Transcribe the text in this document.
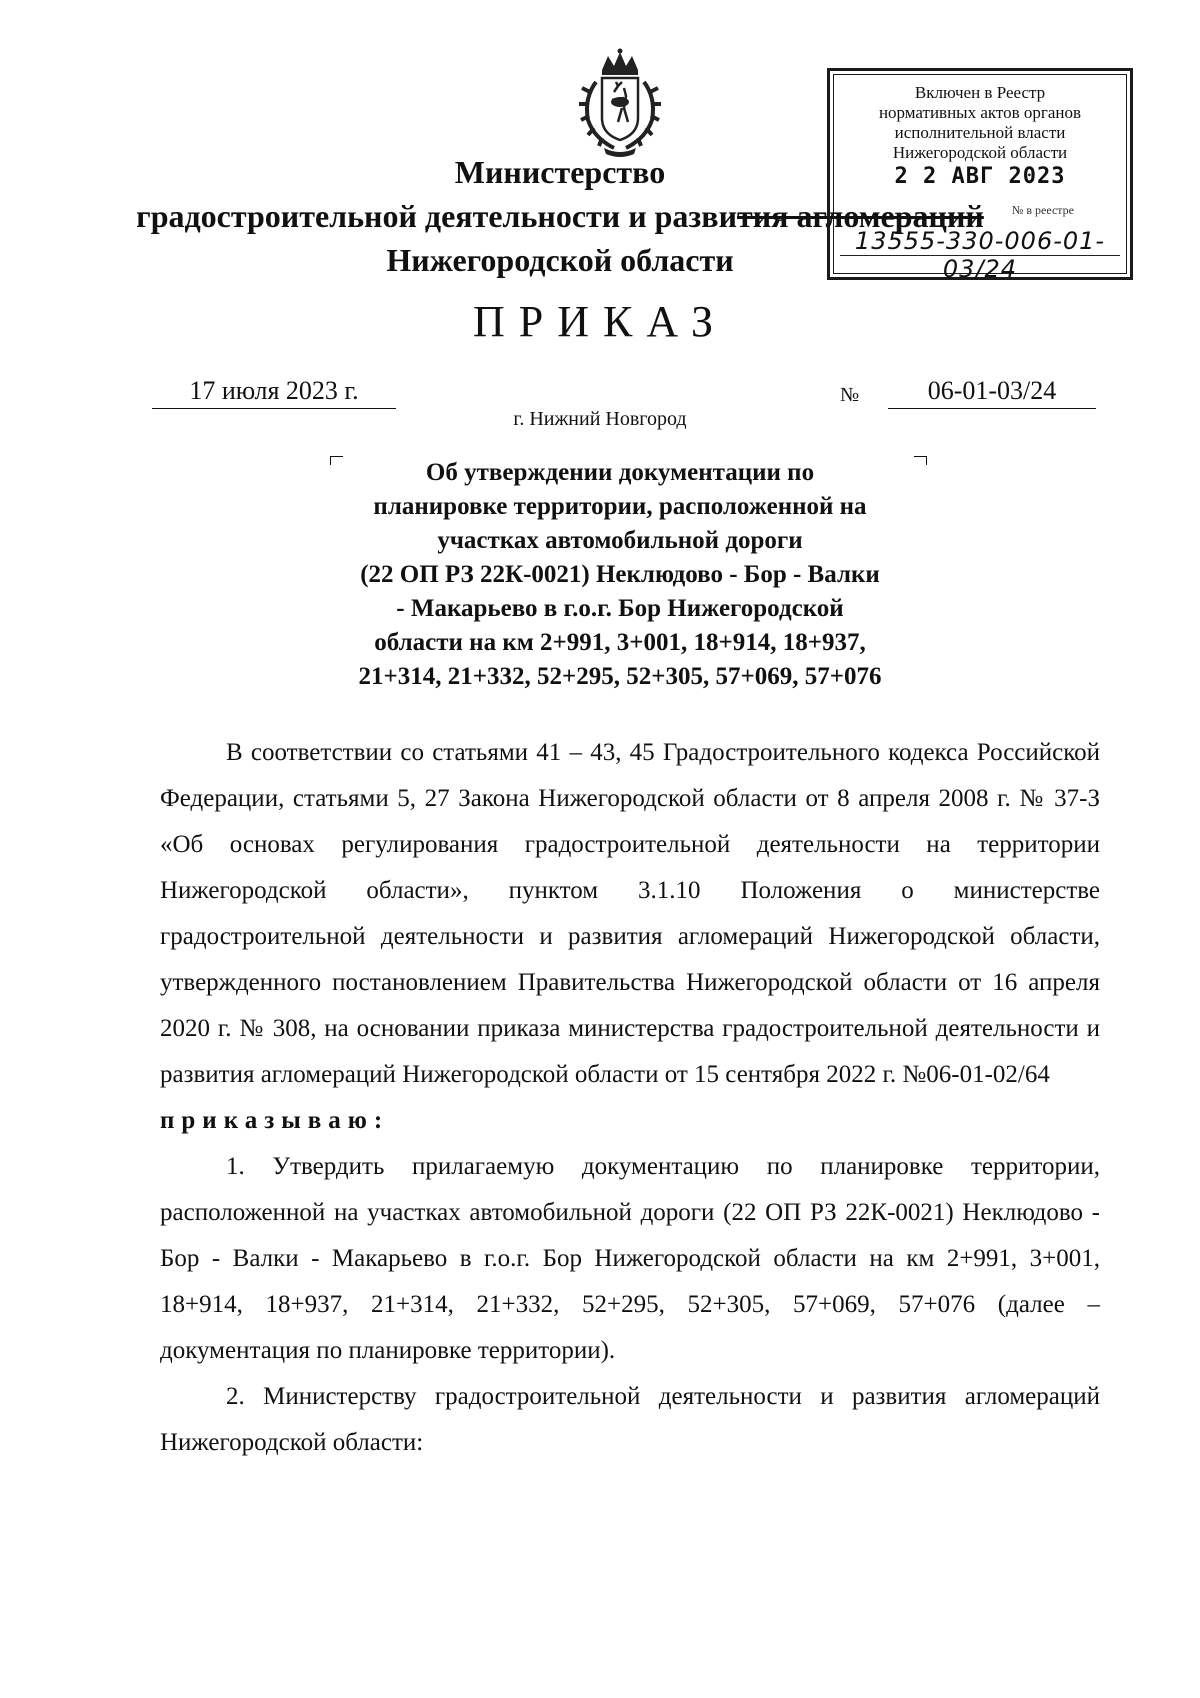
Министерство
градостроительной деятельности и развития агломераций
Нижегородской области
Включен в Реестр
нормативных актов органов
исполнительной власти
Нижегородской области
2 2 АВГ 2023
№ в реестре
13555-330-006-01-03/24
ПРИКАЗ
17 июля 2023 г.	№	06-01-03/24
г. Нижний Новгород
Об утверждении документации по
планировке территории, расположенной на
участках автомобильной дороги
(22 ОП РЗ 22К-0021) Неклюдово - Бор - Валки
- Макарьево в г.о.г. Бор Нижегородской
области на км 2+991, 3+001, 18+914, 18+937,
21+314, 21+332, 52+295, 52+305, 57+069, 57+076

В соответствии со статьями 41 – 43, 45 Градостроительного кодекса Российской Федерации, статьями 5, 27 Закона Нижегородской области от 8 апреля 2008 г. № 37-З «Об основах регулирования градостроительной деятельности на территории Нижегородской области», пунктом 3.1.10 Положения о министерстве градостроительной деятельности и развития агломераций Нижегородской области, утвержденного постановлением Правительства Нижегородской области от 16 апреля 2020 г. № 308, на основании приказа министерства градостроительной деятельности и развития агломераций Нижегородской области от 15 сентября 2022 г. №06-01-02/64

приказываю:

1. Утвердить прилагаемую документацию по планировке территории, расположенной на участках автомобильной дороги (22 ОП РЗ 22К-0021) Неклюдово - Бор - Валки - Макарьево в г.о.г. Бор Нижегородской области на км 2+991, 3+001, 18+914, 18+937, 21+314, 21+332, 52+295, 52+305, 57+069, 57+076 (далее – документация по планировке территории).

2. Министерству градостроительной деятельности и развития агломераций Нижегородской области:
